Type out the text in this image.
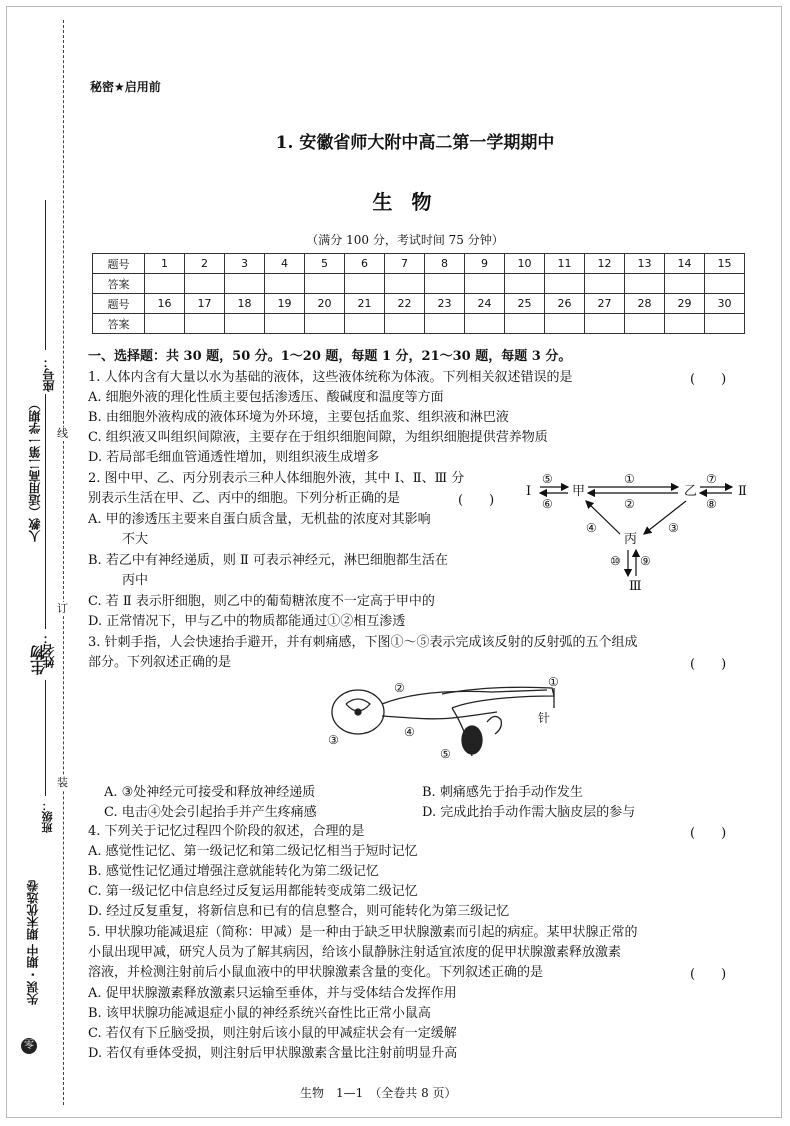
线
订
装
座号：
人教（适用高二第一学期）
姓名：
生物
班级：
失误 · 期中 期末优选卷
零
秘密★启用前
1. 安徽省师大附中高二第一学期期中
生 物
（满分 100 分，考试时间 75 分钟）
题号	1	2	3	4	5	6	7	8	9	10	11	12	13	14	15
答案															
题号	16	17	18	19	20	21	22	23	24	25	26	27	28	29	30
答案															
一、选择题：共 30 题，50 分。1～20 题，每题 1 分，21～30 题，每题 3 分。
1. 人体内含有大量以水为基础的液体，这些液体统称为体液。下列相关叙述错误的是	(　　)
A. 细胞外液的理化性质主要包括渗透压、酸碱度和温度等方面
B. 由细胞外液构成的液体环境为外环境，主要包括血浆、组织液和淋巴液
C. 组织液又叫组织间隙液，主要存在于组织细胞间隙，为组织细胞提供营养物质
D. 若局部毛细血管通透性增加，则组织液生成增多
2. 图中甲、乙、丙分别表示三种人体细胞外液，其中 Ⅰ、Ⅱ、Ⅲ 分
别表示生活在甲、乙、丙中的细胞。下列分析正确的是	(　　)
A. 甲的渗透压主要来自蛋白质含量，无机盐的浓度对其影响
不大
B. 若乙中有神经递质，则 Ⅱ 可表示神经元，淋巴细胞都生活在
丙中
C. 若 Ⅱ 表示肝细胞，则乙中的葡萄糖浓度不一定高于甲中的
D. 正常情况下，甲与乙中的物质都能通过①②相互渗透
Ⅰ	甲	乙	Ⅱ
丙
Ⅲ
⑤
⑥
①
②
⑦
⑧
④	③
⑩ ⑨
3. 针刺手指，人会快速抬手避开，并有刺痛感，下图①～⑤表示完成该反射的反射弧的五个组成
部分。下列叙述正确的是	(　　)
①
②
③
④
⑤
针
A. ③处神经元可接受和释放神经递质	B. 刺痛感先于抬手动作发生
C. 电击④处会引起抬手并产生疼痛感	D. 完成此抬手动作需大脑皮层的参与
4. 下列关于记忆过程四个阶段的叙述，合理的是	(　　)
A. 感觉性记忆、第一级记忆和第二级记忆相当于短时记忆
B. 感觉性记忆通过增强注意就能转化为第二级记忆
C. 第一级记忆中信息经过反复运用都能转变成第二级记忆
D. 经过反复重复，将新信息和已有的信息整合，则可能转化为第三级记忆
5. 甲状腺功能减退症（简称：甲减）是一种由于缺乏甲状腺激素而引起的病症。某甲状腺正常的
小鼠出现甲减，研究人员为了解其病因，给该小鼠静脉注射适宜浓度的促甲状腺激素释放激素
溶液，并检测注射前后小鼠血液中的甲状腺激素含量的变化。下列叙述正确的是	(　　)
A. 促甲状腺激素释放激素只运输至垂体，并与受体结合发挥作用
B. 该甲状腺功能减退症小鼠的神经系统兴奋性比正常小鼠高
C. 若仅有下丘脑受损，则注射后该小鼠的甲减症状会有一定缓解
D. 若仅有垂体受损，则注射后甲状腺激素含量比注射前明显升高
生物　1—1　（全卷共 8 页）
